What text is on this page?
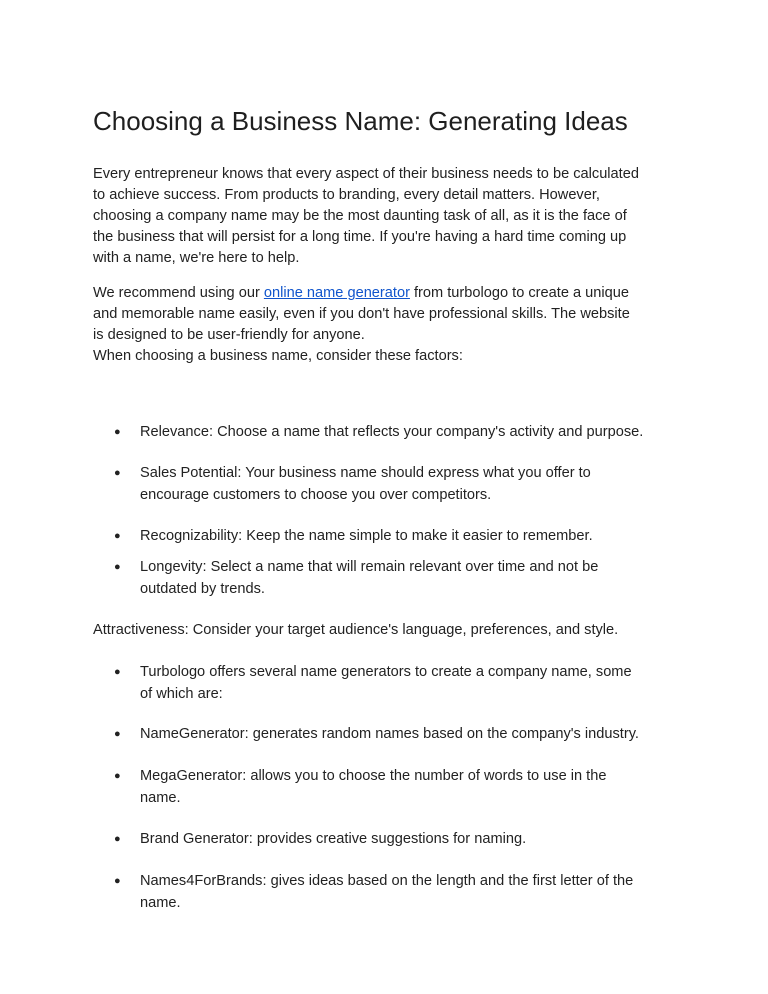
Choosing a Business Name: Generating Ideas
Every entrepreneur knows that every aspect of their business needs to be calculated
to achieve success. From products to branding, every detail matters. However,
choosing a company name may be the most daunting task of all, as it is the face of
the business that will persist for a long time. If you're having a hard time coming up
with a name, we're here to help.
We recommend using our online name generator from turbologo to create a unique
and memorable name easily, even if you don't have professional skills. The website
is designed to be user-friendly for anyone.
When choosing a business name, consider these factors:
● Relevance: Choose a name that reflects your company's activity and purpose.
● Sales Potential: Your business name should express what you offer to
encourage customers to choose you over competitors.
● Recognizability: Keep the name simple to make it easier to remember.
● Longevity: Select a name that will remain relevant over time and not be
outdated by trends.
Attractiveness: Consider your target audience's language, preferences, and style.
● Turbologo offers several name generators to create a company name, some
of which are:
● NameGenerator: generates random names based on the company's industry.
● MegaGenerator: allows you to choose the number of words to use in the
name.
● Brand Generator: provides creative suggestions for naming.
● Names4ForBrands: gives ideas based on the length and the first letter of the
name.
